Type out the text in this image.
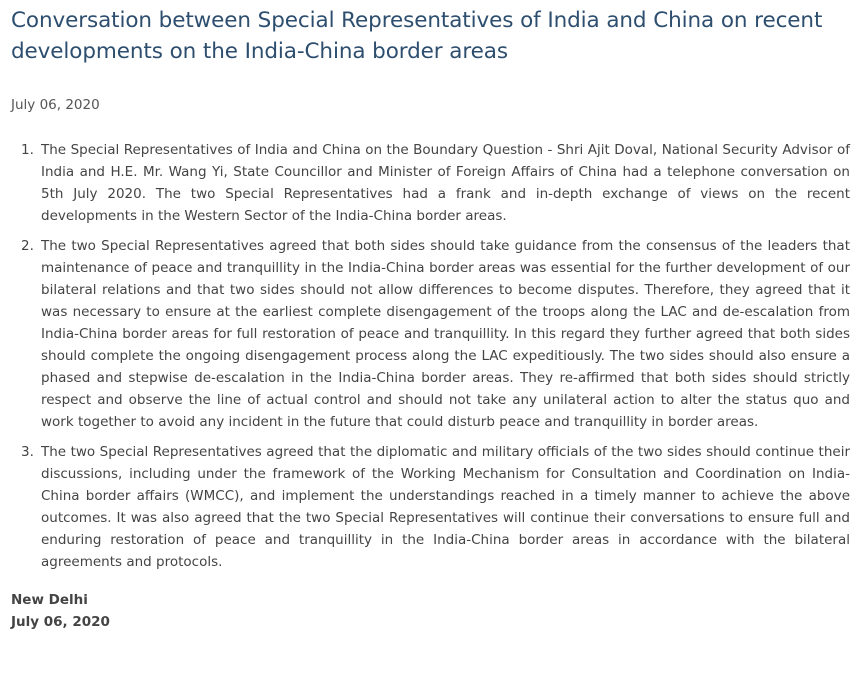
Conversation between Special Representatives of India and China on recent developments on the India-China border areas
July 06, 2020
1. The Special Representatives of India and China on the Boundary Question - Shri Ajit Doval, National Security Advisor of India and H.E. Mr. Wang Yi, State Councillor and Minister of Foreign Affairs of China had a telephone conversation on 5th July 2020. The two Special Representatives had a frank and in-depth exchange of views on the recent developments in the Western Sector of the India-China border areas.
2. The two Special Representatives agreed that both sides should take guidance from the consensus of the leaders that maintenance of peace and tranquillity in the India-China border areas was essential for the further development of our bilateral relations and that two sides should not allow differences to become disputes. Therefore, they agreed that it was necessary to ensure at the earliest complete disengagement of the troops along the LAC and de-escalation from India-China border areas for full restoration of peace and tranquillity. In this regard they further agreed that both sides should complete the ongoing disengagement process along the LAC expeditiously. The two sides should also ensure a phased and stepwise de-escalation in the India-China border areas. They re-affirmed that both sides should strictly respect and observe the line of actual control and should not take any unilateral action to alter the status quo and work together to avoid any incident in the future that could disturb peace and tranquillity in border areas.
3. The two Special Representatives agreed that the diplomatic and military officials of the two sides should continue their discussions, including under the framework of the Working Mechanism for Consultation and Coordination on India-China border affairs (WMCC), and implement the understandings reached in a timely manner to achieve the above outcomes. It was also agreed that the two Special Representatives will continue their conversations to ensure full and enduring restoration of peace and tranquillity in the India-China border areas in accordance with the bilateral agreements and protocols.
New Delhi
July 06, 2020
